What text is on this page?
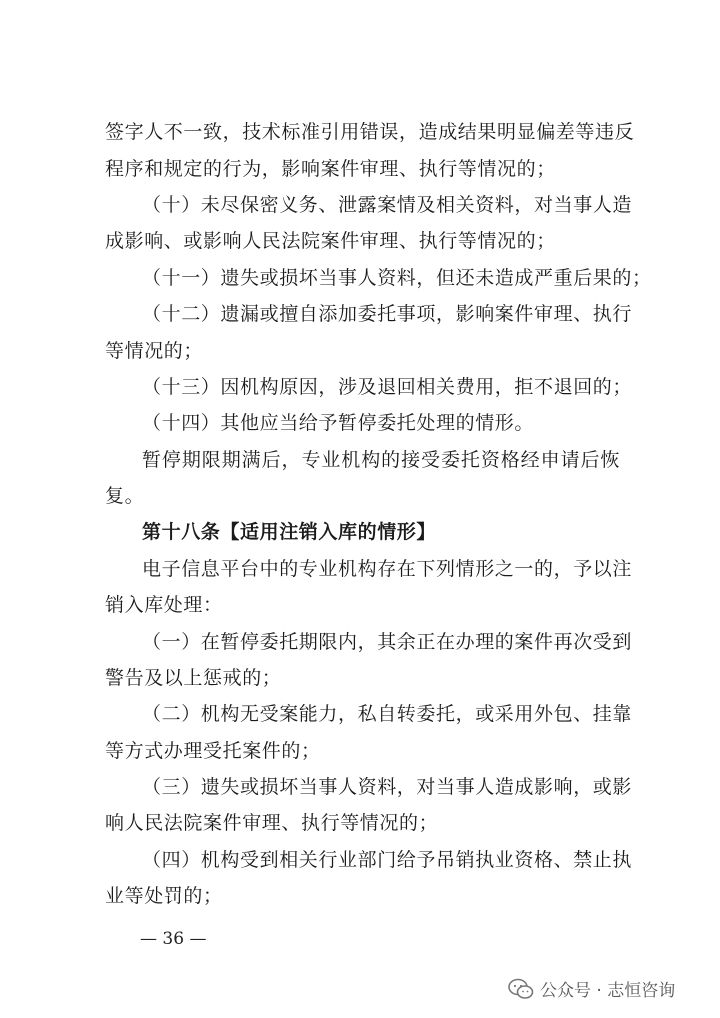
签字人不一致，技术标准引用错误，造成结果明显偏差等违反
程序和规定的行为，影响案件审理、执行等情况的；
（十）未尽保密义务、泄露案情及相关资料，对当事人造
成影响、或影响人民法院案件审理、执行等情况的；
（十一）遗失或损坏当事人资料，但还未造成严重后果的；
（十二）遗漏或擅自添加委托事项，影响案件审理、执行
等情况的；
（十三）因机构原因，涉及退回相关费用，拒不退回的；
（十四）其他应当给予暂停委托处理的情形。
暂停期限期满后，专业机构的接受委托资格经申请后恢
复。
第十八条【适用注销入库的情形】
电子信息平台中的专业机构存在下列情形之一的，予以注
销入库处理：
（一）在暂停委托期限内，其余正在办理的案件再次受到
警告及以上惩戒的；
（二）机构无受案能力，私自转委托，或采用外包、挂靠
等方式办理受托案件的；
（三）遗失或损坏当事人资料，对当事人造成影响，或影
响人民法院案件审理、执行等情况的；
（四）机构受到相关行业部门给予吊销执业资格、禁止执
业等处罚的；
— 36 —
公众号 · 志恒咨询
